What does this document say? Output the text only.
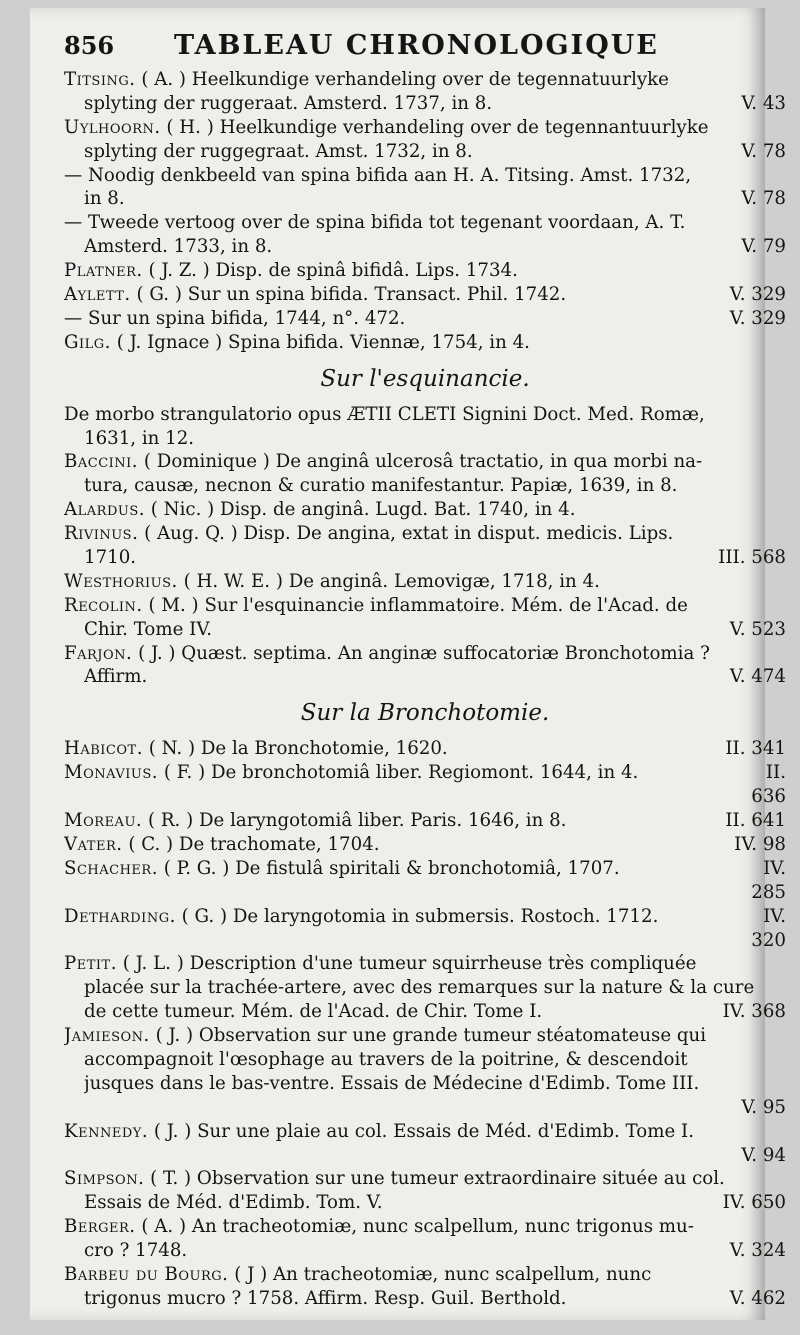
856	TABLEAU CHRONOLOGIQUE
Titsing. ( A. ) Heelkundige verhandeling over de tegennatuurlyke
splyting der ruggeraat. Amsterd. 1737, in 8.	V. 43
Uylhoorn. ( H. ) Heelkundige verhandeling over de tegennantuurlyke
splyting der ruggegraat. Amst. 1732, in 8.	V. 78
— Noodig denkbeeld van spina bifida aan H. A. Titsing. Amst. 1732,
in 8.	V. 78
— Tweede vertoog over de spina bifida tot tegenant voordaan, A. T.
Amsterd. 1733, in 8.	V. 79
Platner. ( J. Z. ) Disp. de spinâ bifidâ. Lips. 1734.
Aylett. ( G. ) Sur un spina bifida. Transact. Phil. 1742.	V. 329
— Sur un spina bifida, 1744, n°. 472.	V. 329
Gilg. ( J. Ignace ) Spina bifida. Viennæ, 1754, in 4.
Sur l'esquinancie.
De morbo strangulatorio opus ÆTII CLETI Signini Doct. Med. Romæ,
1631, in 12.
Baccini. ( Dominique ) De anginâ ulcerosâ tractatio, in qua morbi na-
tura, causæ, necnon & curatio manifestantur. Papiæ, 1639, in 8.
Alardus. ( Nic. ) Disp. de anginâ. Lugd. Bat. 1740, in 4.
Rivinus. ( Aug. Q. ) Disp. De angina, extat in disput. medicis. Lips.
1710.	III. 568
Westhorius. ( H. W. E. ) De anginâ. Lemovigæ, 1718, in 4.
Recolin. ( M. ) Sur l'esquinancie inflammatoire. Mém. de l'Acad. de
Chir. Tome IV.	V. 523
Farjon. ( J. ) Quæst. septima. An anginæ suffocatoriæ Bronchotomia ?
Affirm.	V. 474
Sur la Bronchotomie.
Habicot. ( N. ) De la Bronchotomie, 1620.	II. 341
Monavius. ( F. ) De bronchotomiâ liber. Regiomont. 1644, in 4.	II.
636
Moreau. ( R. ) De laryngotomiâ liber. Paris. 1646, in 8.	II. 641
Vater. ( C. ) De trachomate, 1704.	IV. 98
Schacher. ( P. G. ) De fistulâ spiritali & bronchotomiâ, 1707.	IV.
285
Detharding. ( G. ) De laryngotomia in submersis. Rostoch. 1712.	IV.
320
Petit. ( J. L. ) Description d'une tumeur squirrheuse très compliquée
placée sur la trachée-artere, avec des remarques sur la nature & la cure
de cette tumeur. Mém. de l'Acad. de Chir. Tome I.	IV. 368
Jamieson. ( J. ) Observation sur une grande tumeur stéatomateuse qui
accompagnoit l'œsophage au travers de la poitrine, & descendoit
jusques dans le bas-ventre. Essais de Médecine d'Edimb. Tome III.
V. 95
Kennedy. ( J. ) Sur une plaie au col. Essais de Méd. d'Edimb. Tome I.
V. 94
Simpson. ( T. ) Observation sur une tumeur extraordinaire située au col.
Essais de Méd. d'Edimb. Tom. V.	IV. 650
Berger. ( A. ) An tracheotomiæ, nunc scalpellum, nunc trigonus mu-
cro ? 1748.	V. 324
Barbeu du Bourg. ( J ) An tracheotomiæ, nunc scalpellum, nunc
trigonus mucro ? 1758. Affirm. Resp. Guil. Berthold.	V. 462
